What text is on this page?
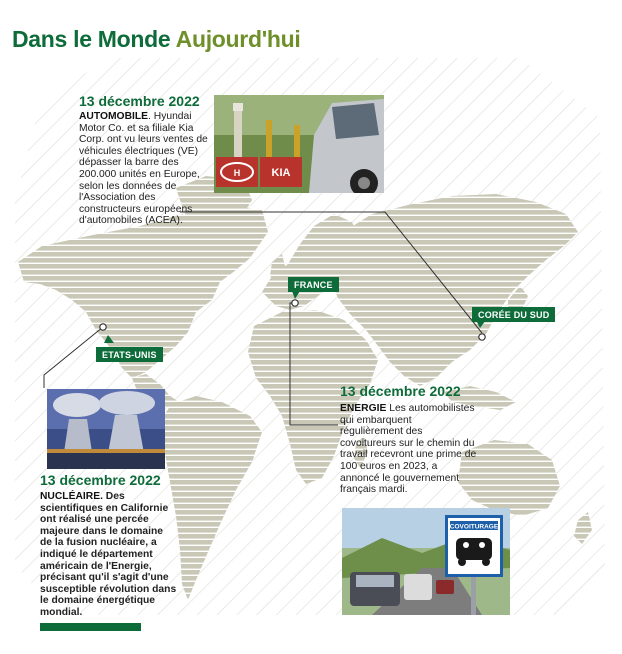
Dans le Monde Aujourd'hui
FRANCE
CORÉE DU SUD
ETATS-UNIS
13 décembre 2022
AUTOMOBILE. Hyundai Motor Co. et sa filiale Kia Corp. ont vu leurs ventes de véhicules électriques (VE) dépasser la barre des 200.000 unités en Europe, selon les données de l'Association des constructeurs européens d'automobiles (ACEA).
KIA
H
13 décembre 2022
ENERGIE Les automobilistes qui embarquent régulièrement des covoitureurs sur le chemin du travail recevront une prime de 100 euros en 2023, a annoncé le gouvernement français mardi.
COVOITURAGE
13 décembre 2022
NUCLÉAIRE. Des scientifiques en Californie ont réalisé une percée majeure dans le domaine de la fusion nucléaire, a indiqué le département américain de l'Energie, précisant qu'il s'agit d'une susceptible révolution dans le domaine énergétique mondial.
